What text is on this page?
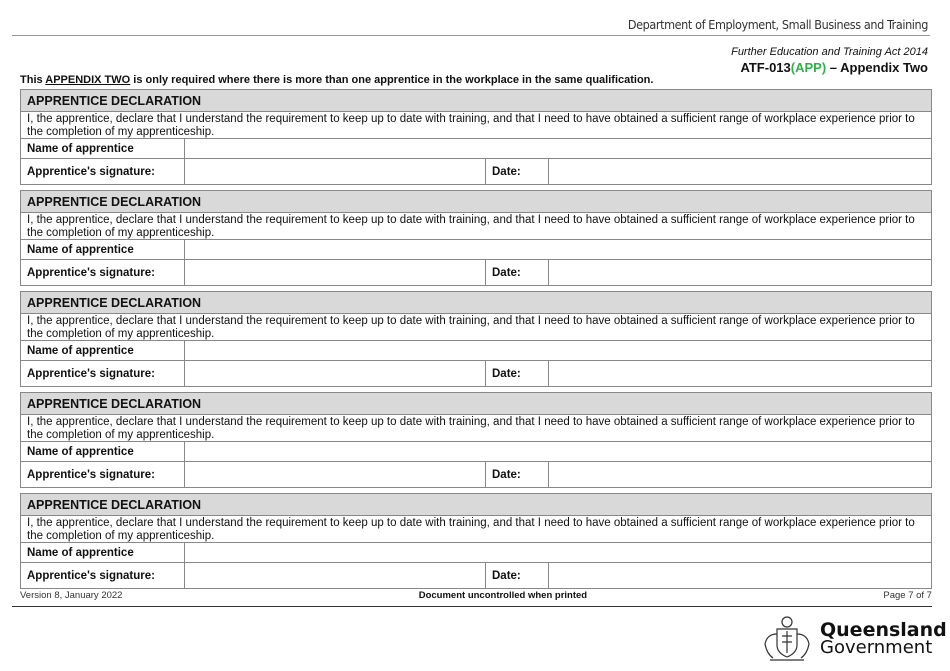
Department of Employment, Small Business and Training
Further Education and Training Act 2014
ATF-013(APP) – Appendix Two
This APPENDIX TWO is only required where there is more than one apprentice in the workplace in the same qualification.
APPRENTICE DECLARATION
I, the apprentice, declare that I understand the requirement to keep up to date with training, and that I need to have obtained a sufficient range of workplace experience prior to the completion of my apprenticeship.
Name of apprentice
Apprentice's signature:	Date:
APPRENTICE DECLARATION
I, the apprentice, declare that I understand the requirement to keep up to date with training, and that I need to have obtained a sufficient range of workplace experience prior to the completion of my apprenticeship.
Name of apprentice
Apprentice's signature:	Date:
APPRENTICE DECLARATION
I, the apprentice, declare that I understand the requirement to keep up to date with training, and that I need to have obtained a sufficient range of workplace experience prior to the completion of my apprenticeship.
Name of apprentice
Apprentice's signature:	Date:
APPRENTICE DECLARATION
I, the apprentice, declare that I understand the requirement to keep up to date with training, and that I need to have obtained a sufficient range of workplace experience prior to the completion of my apprenticeship.
Name of apprentice
Apprentice's signature:	Date:
APPRENTICE DECLARATION
I, the apprentice, declare that I understand the requirement to keep up to date with training, and that I need to have obtained a sufficient range of workplace experience prior to the completion of my apprenticeship.
Name of apprentice
Apprentice's signature:	Date:
Version 8, January 2022	Document uncontrolled when printed	Page 7 of 7
Queensland
Government
